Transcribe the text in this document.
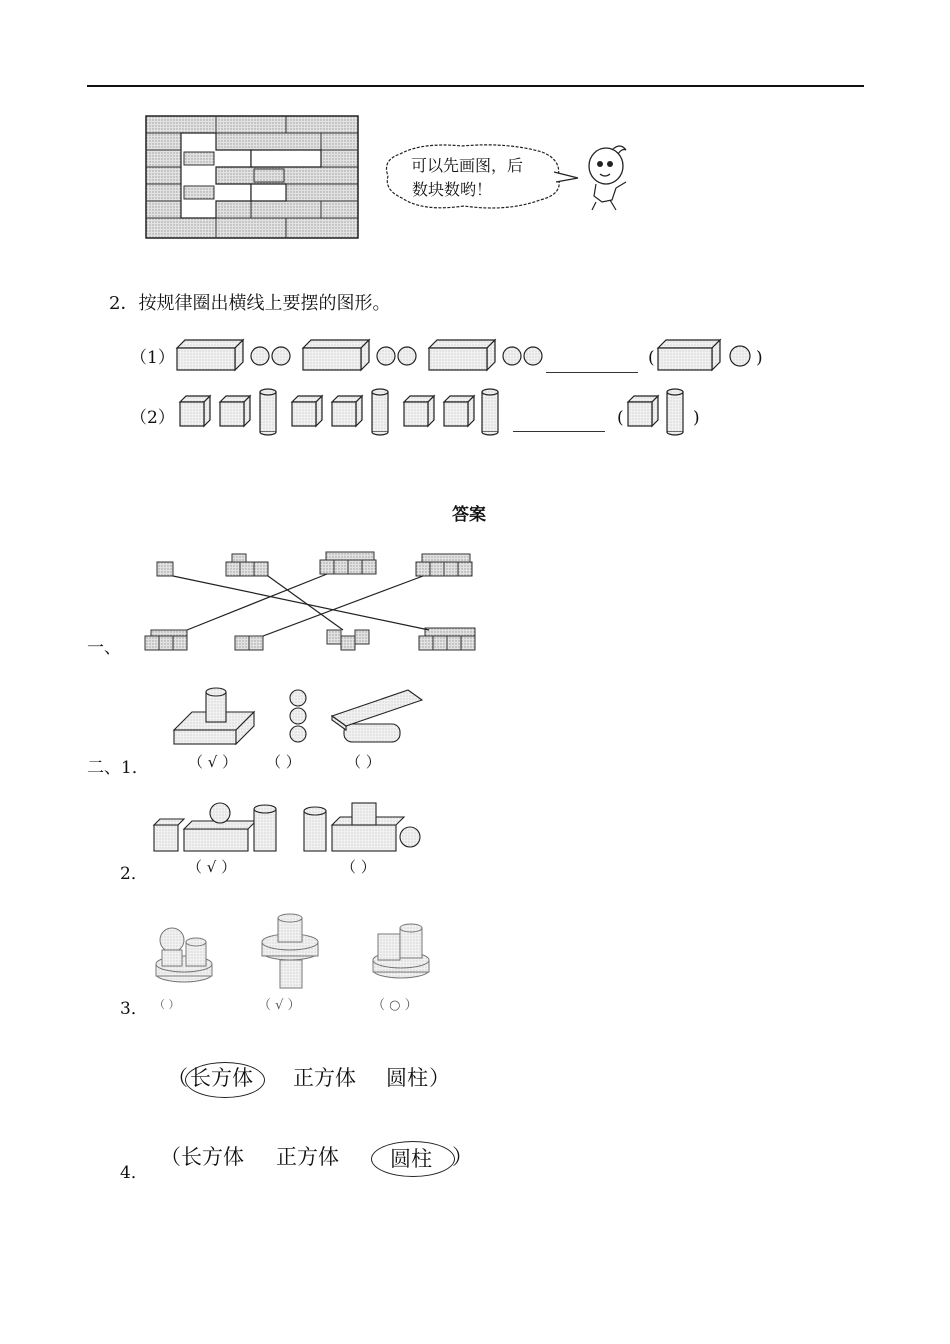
可以先画图，后
数块数哟！
2．按规律圈出横线上要摆的图形。
（1）	(	)
（2）	(	)
答案
一、
二、1．	（ √ ） （ ）	（ ）
2．	（ √ ）	（ ）
3． （ ）	（ √ ）	（ ○ ）
（ 长方体 正方体 圆柱 ）
（ 长方体 正方体 圆柱 ）
4．
